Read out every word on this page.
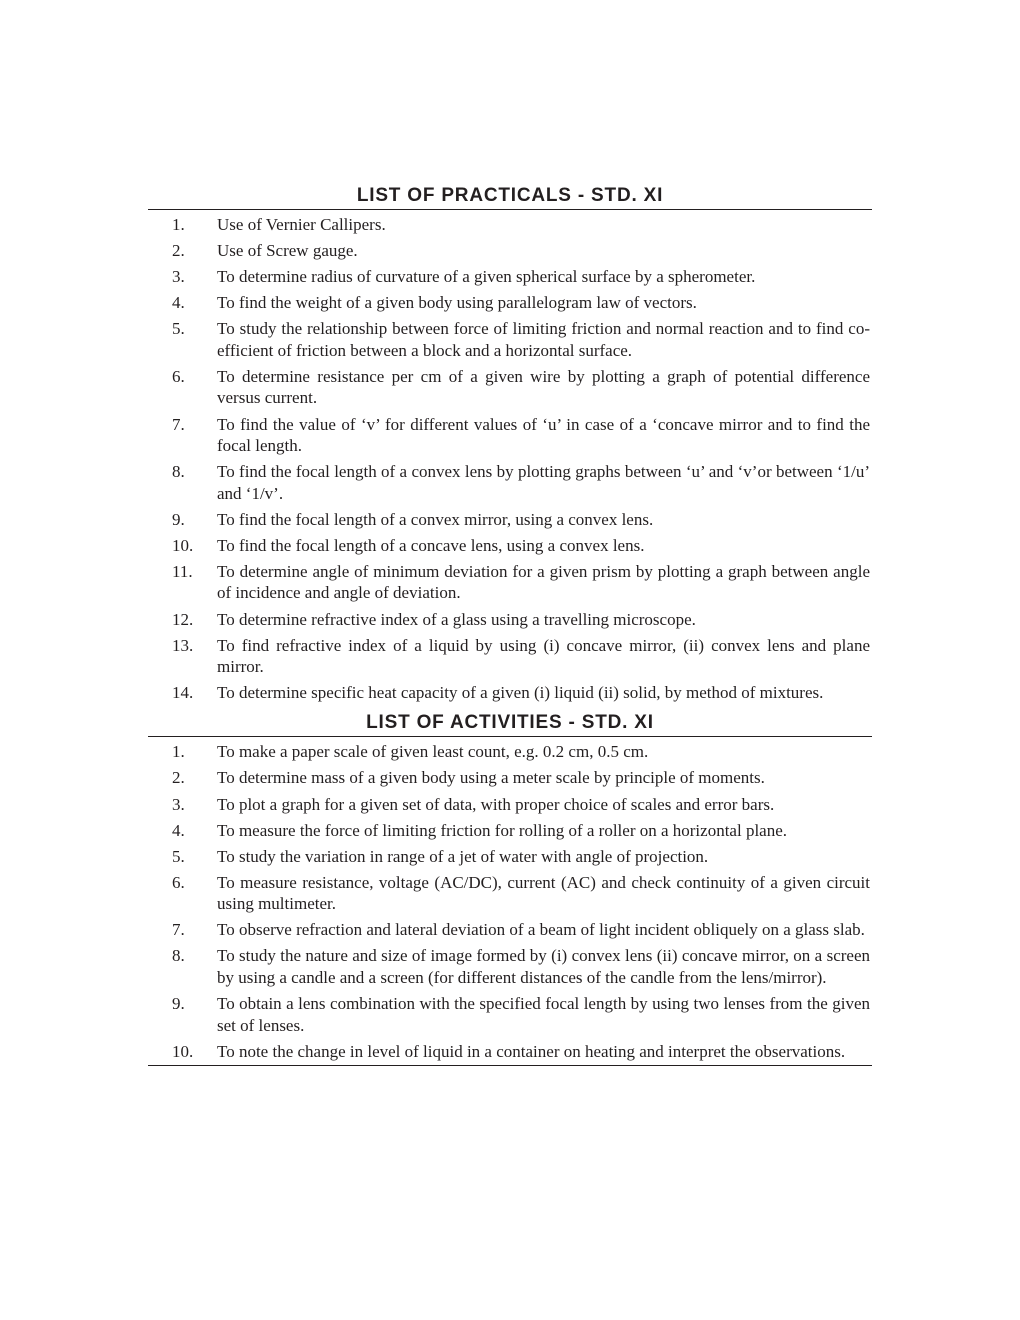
LIST OF PRACTICALS - STD. XI
1.	Use of Vernier Callipers.
2.	Use of Screw gauge.
3.	To determine radius of curvature of a given spherical surface by a spherometer.
4.	To find the weight of a given body using parallelogram law of vectors.
5.	To study the relationship between force of limiting friction and normal reaction and to find co-efficient of friction between a block and a horizontal surface.
6.	To determine resistance per cm of a given wire by plotting a graph of potential difference versus current.
7.	To find the value of ‘v’ for different values of ‘u’ in case of a ‘concave mirror and to find the focal length.
8.	To find the focal length of a convex lens by plotting graphs between ‘u’ and ‘v’or between ‘1/u’ and ‘1/v’.
9.	To find the focal length of a convex mirror, using a convex lens.
10.	To find the focal length of a concave lens, using a convex lens.
11.	To determine angle of minimum deviation for a given prism by plotting a graph between angle of incidence and angle of deviation.
12.	To determine refractive index of a glass using a travelling microscope.
13.	To find refractive index of a liquid by using (i) concave mirror, (ii) convex lens and plane mirror.
14.	To determine specific heat capacity of a given (i) liquid (ii) solid, by method of mixtures.
LIST OF ACTIVITIES - STD. XI
1.	To make a paper scale of given least count, e.g. 0.2 cm, 0.5 cm.
2.	To determine mass of a given body using a meter scale by principle of moments.
3.	To plot a graph for a given set of data, with proper choice of scales and error bars.
4.	To measure the force of limiting friction for rolling of a roller on a horizontal plane.
5.	To study the variation in range of a jet of water with angle of projection.
6.	To measure resistance, voltage (AC/DC), current (AC) and check continuity of a given circuit using multimeter.
7.	To observe refraction and lateral deviation of a beam of light incident obliquely on a glass slab.
8.	To study the nature and size of image formed by (i) convex lens (ii) concave mirror, on a screen by using a candle and a screen (for different distances of the candle from the lens/mirror).
9.	To obtain a lens combination with the specified focal length by using two lenses from the given set of lenses.
10.	To note the change in level of liquid in a container on heating and interpret the observations.
